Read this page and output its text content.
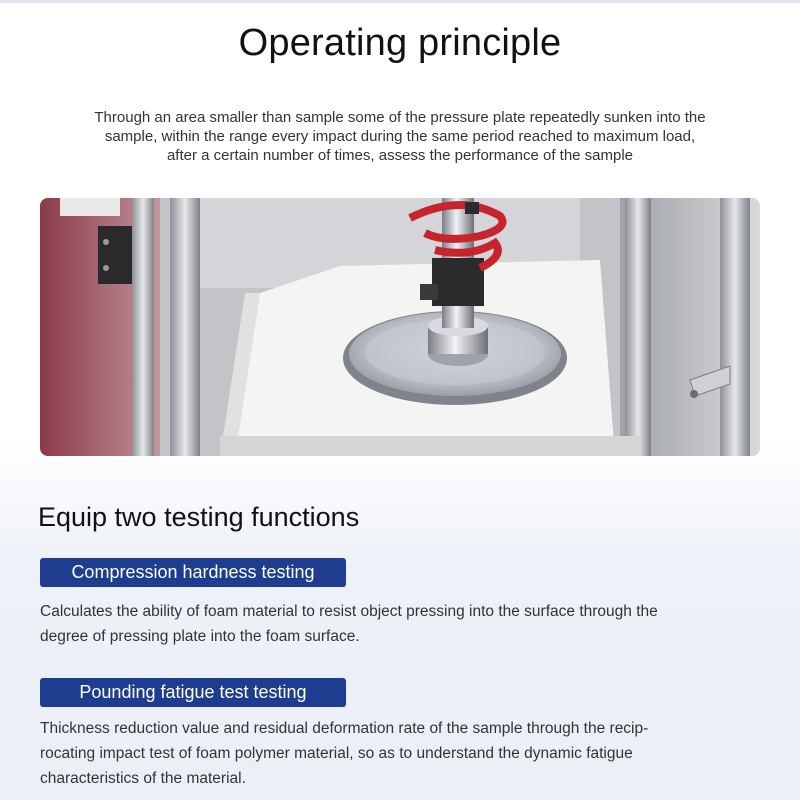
Operating principle
Through an area smaller than sample some of the pressure plate repeatedly sunken into the
sample, within the range every impact during the same period reached to maximum load,
after a certain number of times, assess the performance of the sample
Equip two testing functions
Compression hardness testing
Calculates the ability of foam material to resist object pressing into the surface through the
degree of pressing plate into the foam surface.
Pounding fatigue test testing
Thickness reduction value and residual deformation rate of the sample through the recip-
rocating impact test of foam polymer material, so as to understand the dynamic fatigue
characteristics of the material.
